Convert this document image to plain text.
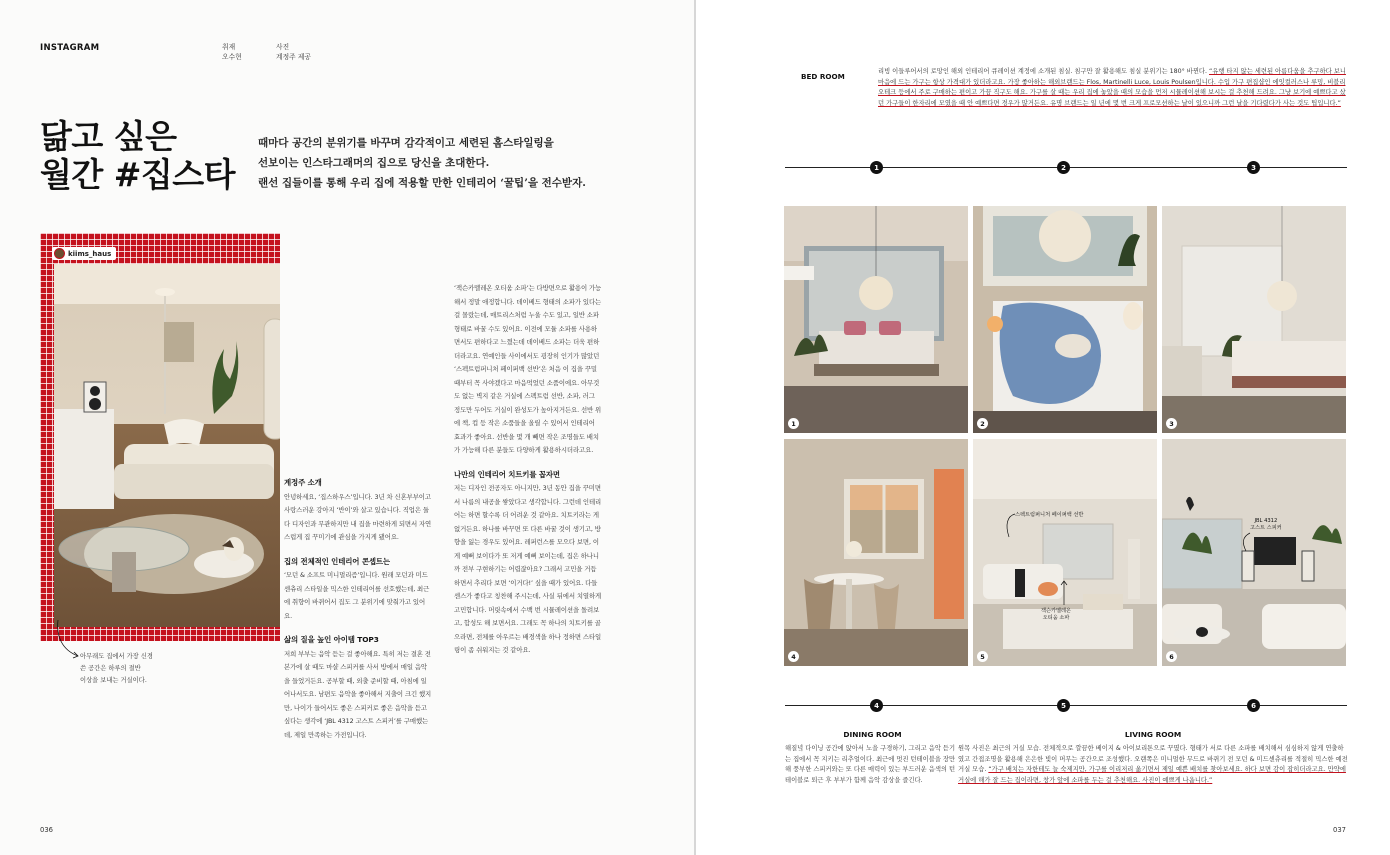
INSTAGRAM	취재
오수현
사진
계정주 제공
닮고 싶은
월간 #집스타
때마다 공간의 분위기를 바꾸며 감각적이고 세련된 홈스타일링을
선보이는 인스타그래머의 집으로 당신을 초대한다.
랜선 집들이를 통해 우리 집에 적용할 만한 인테리어 ‘꿀팁’을 전수받자.
kiims_haus
아무래도 집에서 가장 신경
쓴 공간은 하루의 절반
이상을 보내는 거실이다.

계정주 소개
안녕하세요, ‘집스하우스’입니다. 3년 차 신혼부부이고 사랑스러운 강아지 ‘반이’와 살고 있습니다. 직업은 둘 다 디자인과 무관하지만 내 집을 마련하게 되면서 자연스럽게 집 꾸미기에 관심을 가지게 됐어요.

집의 전체적인 인테리어 콘셉트는
‘모던 & 소프트 미니멀리즘’입니다. 원래 모던과 미드센츄리 스타일을 믹스한 인테리어를 선호했는데, 최근에 취향이 바뀌어서 집도 그 분위기에 맞춰가고 있어요.

삶의 질을 높인 아이템 TOP3
저희 부부는 음악 듣는 걸 좋아해요. 특히 저는 결혼 전 본가에 살 때도 마샬 스피커를 사서 방에서 매일 음악을 들었거든요. 공부할 때, 외출 준비할 때, 아침에 일어나서도요. 남편도 음악을 좋아해서 지출이 크긴 했지만, 나이가 들어서도 좋은 스피커로 좋은 음악을 듣고 싶다는 생각에 ‘JBL 4312 고스트 스피커’를 구매했는데, 제일 만족하는 가전입니다.

‘잭슨카멜레온 오티움 소파’는 다방면으로 활용이 가능해서 정말 애정합니다. 데이베드 형태의 소파가 있다는 걸 몰랐는데, 매트리스처럼 누울 수도 있고, 일반 소파 형태로 바꿀 수도 있어요. 이전에 모듈 소파를 사용하면서도 편하다고 느꼈는데 데이베드 소파는 더욱 편하더라고요. 연예인들 사이에서도 굉장히 인기가 많았던 ‘스펙트럼퍼니처 페이퍼백 선반’은 처음 이 집을 꾸밀 때부터 꼭 사야겠다고 마음먹었던 소품이에요. 아무것도 없는 벽지 같은 거실에 스펙트럼 선반, 소파, 러그 정도만 두어도 거실이 완성도가 높아지거든요. 선반 위에 책, 컵 등 작은 소품들을 올릴 수 있어서 인테리어 효과가 좋아요. 선반을 몇 개 빼면 작은 조명들도 배치가 가능해 다른 분들도 다양하게 활용하시더라고요.

나만의 인테리어 치트키를 꼽자면
저는 디자인 전공자도 아니지만, 3년 동안 집을 꾸미면서 나름의 내공을 쌓았다고 생각합니다. 그런데 인테리어는 하면 할수록 더 어려운 것 같아요. 치트키라는 게 없거든요. 하나를 바꾸면 또 다른 바꿀 것이 생기고, 방향을 잃는 경우도 있어요. 레퍼런스를 모으다 보면, 이게 예뻐 보이다가 또 저게 예뻐 보이는데, 집은 하나니까 전부 구현하기는 어렵잖아요? 그래서 고민을 거듭하면서 추리다 보면 ‘이거다!’ 싶을 때가 있어요. 다들 센스가 좋다고 칭찬해 주시는데, 사실 뒤에서 치열하게 고민합니다. 머릿속에서 수백 번 시뮬레이션을 돌려보고, 합성도 해 보면서요. 그래도 꼭 하나의 치트키를 골으라면, 전체를 아우르는 배경색을 하나 정하면 스타일링이 좀 쉬워지는 것 같아요.

036
BED ROOM
리빙 이들루어서의 로망인 해외 인테리어 큐레이션 계정에 소개된 침실. 침구만 잘 활용해도 침실 분위기는 180° 바뀐다. “유행 타지 않는 세련된 아름다움을 추구하다 보니 마음에 드는 가구는 항상 가격대가 있더라고요. 가장 좋아하는 해외브랜드는 Flos, Martinelli Luce, Louis Poulsen입니다. 수입 가구 편집샵인 에잇컬러스나 루밍, 비블리오테크 등에서 주로 구매하는 편이고 가끔 직구도 해요. 가구를 살 때는 우리 집에 놓았을 때의 모습을 먼저 시뮬레이션해 보시는 걸 추천해 드려요. 그냥 보기에 예쁘다고 샀던 가구들이 한자리에 모였을 때 안 예쁘다면 경우가 많거든요. 유명 브랜드는 일 년에 몇 번 크게 프로모션하는 날이 있으니까 그런 날을 기다렸다가 사는 것도 팁입니다.”
1	2	3
1	2	3
4
스펙트럼퍼니처 페이퍼백 선반
잭슨카멜레온
오티움 소파
5
JBL 4312
고스트 스피커
6
4	5	6
DINING ROOM
해질녘 다이닝 공간에 앉아서 노을 구경하기, 그리고 음악 듣기는 집에서 꼭 지키는 리추얼이다. 최근에 멋진 턴테이블을 장만해 풍부한 스피커와는 또 다른 매력이 있는 부드러운 음색의 턴테이블로 퇴근 후 부부가 함께 음악 감상을 즐긴다.
LIVING ROOM
원목 사진은 최근의 거실 모습. 전체적으로 깔끔한 베이지 & 아이보리톤으로 꾸몄다. 형태가 서로 다른 소파를 배치해서 심심하지 않게 연출하였고 간접조명을 활용해 은은한 빛이 머무는 공간으로 조성했다. 오랜쪽은 미니멀한 무드로 바뀌기 전 모던 & 미드센츄리를 적절히 믹스한 예전 거실 모습. “가구 배치는 자한테도 늘 숙제지만, 가구를 이리저리 옮기면서 제일 예쁜 배치를 찾아보세요. 하다 보면 감이 잡히더라고요. 만약에 거실에 해가 잘 드는 집이라면, 창가 앞에 소파를 두는 걸 추천해요. 사진이 예쁘게 나옵니다.”
037
